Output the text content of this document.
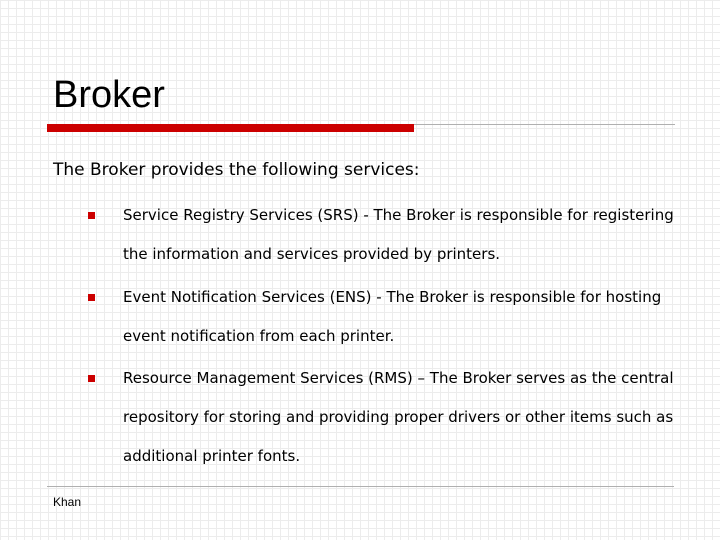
Broker

The Broker provides the following services:

Service Registry Services (SRS) - The Broker is responsible for registering the information and services provided by printers.
Event Notification Services (ENS) - The Broker is responsible for hosting event notification from each printer.
Resource Management Services (RMS) – The Broker serves as the central repository for storing and providing proper drivers or other items such as additional printer fonts.
Khan
